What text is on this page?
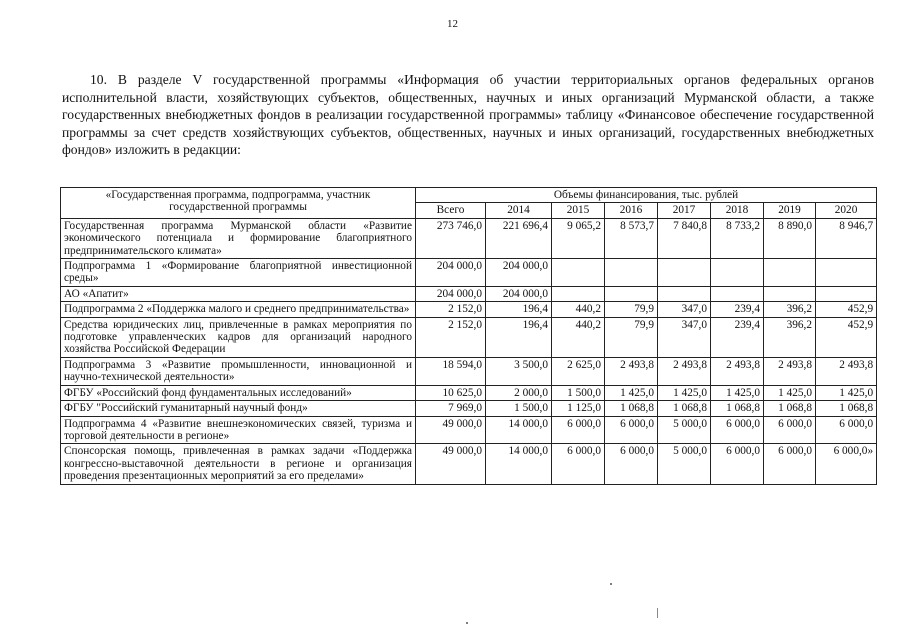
12
10. В разделе V государственной программы «Информация об участии территориальных органов федеральных органов исполнительной власти, хозяйствующих субъектов, общественных, научных и иных организаций Мурманской области, а также государственных внебюджетных фондов в реализации государственной программы» таблицу «Финансовое обеспечение государственной программы за счет средств хозяйствующих субъектов, общественных, научных и иных организаций, государственных внебюджетных фондов» изложить в редакции:
«Государственная программа, подпрограмма, участник государственной программы	Объемы финансирования, тыс. рублей							
	Всего	2014	2015	2016	2017	2018	2019	2020
Государственная программа Мурманской области «Развитие экономического потенциала и формирование благоприятного предпринимательского климата»	273 746,0	221 696,4	9 065,2	8 573,7	7 840,8	8 733,2	8 890,0	8 946,7
Подпрограмма 1 «Формирование благоприятной инвестиционной среды»	204 000,0	204 000,0						
АО «Апатит»	204 000,0	204 000,0						
Подпрограмма 2 «Поддержка малого и среднего предпринимательства»	2 152,0	196,4	440,2	79,9	347,0	239,4	396,2	452,9
Средства юридических лиц, привлеченные в рамках мероприятия по подготовке управленческих кадров для организаций народного хозяйства Российской Федерации	2 152,0	196,4	440,2	79,9	347,0	239,4	396,2	452,9
Подпрограмма 3 «Развитие промышленности, инновационной и научно-технической деятельности»	18 594,0	3 500,0	2 625,0	2 493,8	2 493,8	2 493,8	2 493,8	2 493,8
ФГБУ «Российский фонд фундаментальных исследований»	10 625,0	2 000,0	1 500,0	1 425,0	1 425,0	1 425,0	1 425,0	1 425,0
ФГБУ "Российский гуманитарный научный фонд»	7 969,0	1 500,0	1 125,0	1 068,8	1 068,8	1 068,8	1 068,8	1 068,8
Подпрограмма 4 «Развитие внешнеэкономических связей, туризма и торговой деятельности в регионе»	49 000,0	14 000,0	6 000,0	6 000,0	5 000,0	6 000,0	6 000,0	6 000,0
Спонсорская помощь, привлеченная в рамках задачи «Поддержка конгрессно-выставочной деятельности в регионе и организация проведения презентационных мероприятий за его пределами»	49 000,0	14 000,0	6 000,0	6 000,0	5 000,0	6 000,0	6 000,0	6 000,0»
